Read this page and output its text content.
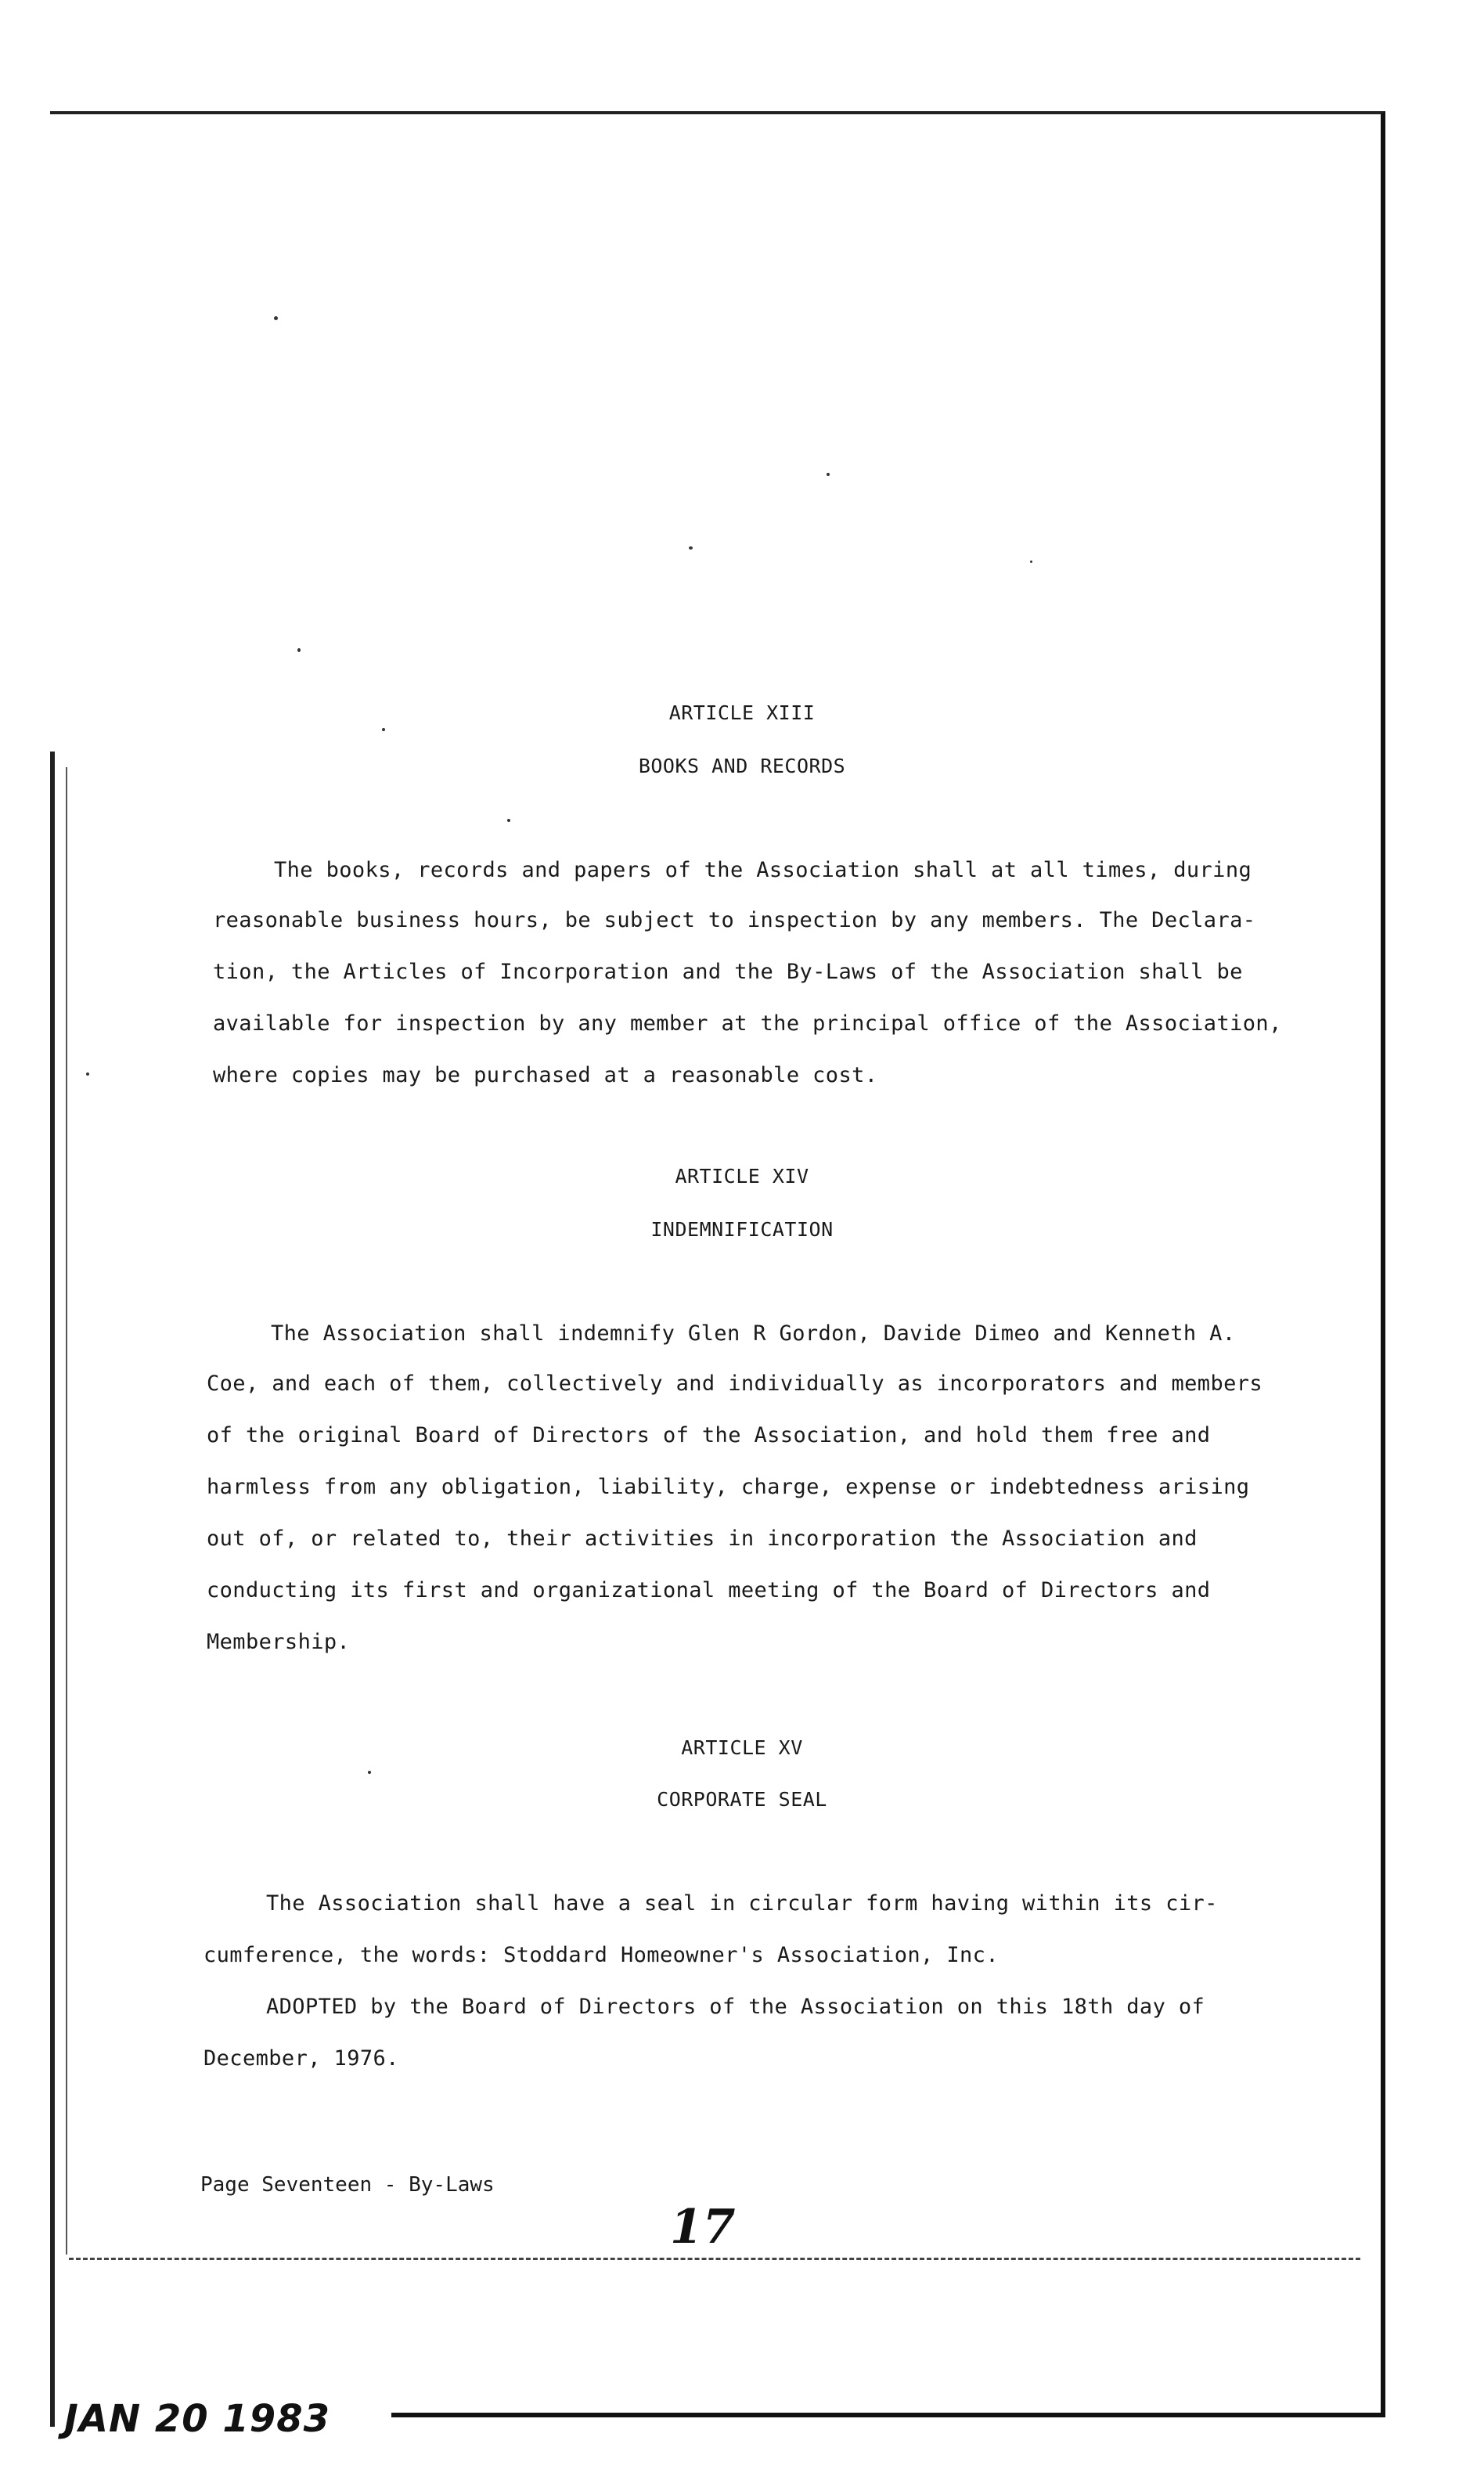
ARTICLE XIII
BOOKS AND RECORDS
The books, records and papers of the Association shall at all times, during
reasonable business hours, be subject to inspection by any members. The Declara-
tion, the Articles of Incorporation and the By-Laws of the Association shall be
available for inspection by any member at the principal office of the Association,
where copies may be purchased at a reasonable cost.
ARTICLE XIV
INDEMNIFICATION
The Association shall indemnify Glen R Gordon, Davide Dimeo and Kenneth A.
Coe, and each of them, collectively and individually as incorporators and members
of the original Board of Directors of the Association, and hold them free and
harmless from any obligation, liability, charge, expense or indebtedness arising
out of, or related to, their activities in incorporation the Association and
conducting its first and organizational meeting of the Board of Directors and
Membership.
ARTICLE XV
CORPORATE SEAL
The Association shall have a seal in circular form having within its cir-
cumference, the words: Stoddard Homeowner's Association, Inc.
ADOPTED by the Board of Directors of the Association on this 18th day of
December, 1976.
Page Seventeen - By-Laws
17
JAN 20 1983
